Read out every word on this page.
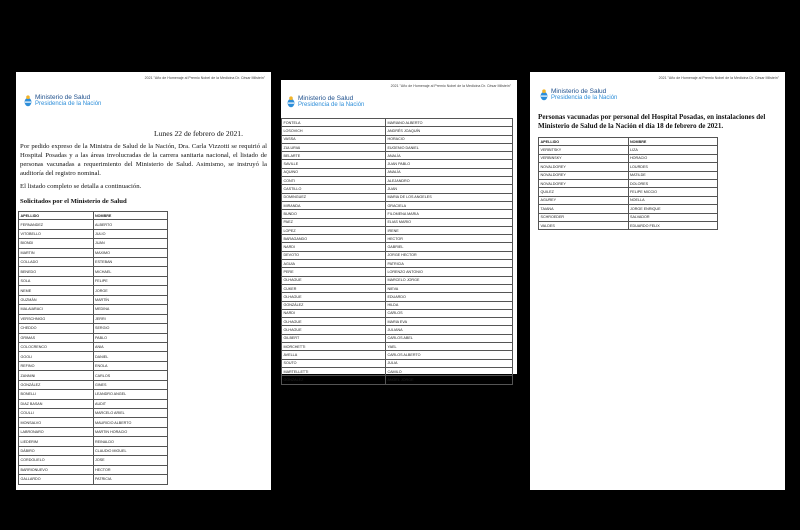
2021 "Año de Homenaje al Premio Nobel de la Medicina Dr. César Milstein"
Ministerio de Salud
Presidencia de la Nación
Lunes 22 de febrero de 2021.
Por pedido expreso de la Ministra de Salud de la Nación, Dra. Carla Vizzotti se requirió al Hospital Posadas y a las áreas involucradas de la carrera sanitaria nacional, el listado de personas vacunadas a requerimiento del Ministerio de Salud. Asimismo, se instruyó la auditoría del registro nominal.
El listado completo se detalla a continuación.
Solicitados por el Ministerio de Salud
APELLIDO	NOMBRE
FERNANDEZ	ALBERTO
VITOBELLO	JULIO
BIONDI	JUAN
MARTIN	MAXIMO
COLLADO	ESTEBAN
BENEDO	MICHAEL
SOLA	FELIPE
NEME	JORGE
GUZMÁN	MARTÍN
MALAIARACI	MEDINA
VERSCHNIGG	JERRI
CHEDDO	SERGIO
GRIMAS	PABLO
COLOCRENCO	ANIA
GOOLI	DANIEL
REFINO	ENOLA
ZANNINI	CARLOS
GONZÁLEZ	GINES
BONELLI	LEANDRO ANGEL
DIAZ BASAN	AUDIT
COULLI	MARCELO ARIEL
MONSALVO	MAURICIO ALBERTO
LABRONARO	MARTIN HORACIO
LIEDERIM	REINALDO
DÁBIRO	CLAUDIO MIGUEL
CORDOLIELO	JOSE
BARRIONUEVO	HECTOR
GALLARDO	PATRICIA
2021 "Año de Homenaje al Premio Nobel de la Medicina Dr. César Milstein"
Ministerio de Salud
Presidencia de la Nación
FONTELA	MARIANO ALBERTO
LOSOVICH	ANDRÉS JOAQUÍN
VASSA	HORACIO
ZULURIAI	EUGENIO DANIEL
BELARTE	ANALÍA
SAVILLE	JUAN PABLO
AQUINO	ANALÍA
CONTI	ALEJANDRO
CASTILLO	JUAN
DOMINGUEZ	MARIA DE LOS ANGELES
MIRANDA	GRACIELA
BUNDO	FILOMENA MARIA
PAEZ	ELIAS MARIO
LOPEZ	IRENE
BARAGANDO	HECTOR
NARDI	GABRIEL
DEVOTO	JORGE HECTOR
AGUIA	PATRICIA
PERE	LORENZO ANTONIO
OLHAGUE	MARCELO JORGE
CUKER	NIEVA
OLHAGUE	EDUARDO
GONZÁLEZ	HILDA
NARDI	CARLOS
OLHAGUE	MARIA EVA
OLHAGUE	JULIANA
GILBERT	CARLOS ABEL
MORCHETTI	YAEL
AVELLA	CARLOS ALBERTO
SOUTO	JULIA
MARTELLETTI	CAMILO
GONZALEZ	ANGEL JORGE
2021 "Año de Homenaje al Premio Nobel de la Medicina Dr. César Milstein"
Ministerio de Salud
Presidencia de la Nación
Personas vacunadas por personal del Hospital Posadas, en instalaciones del Ministerio de Salud de la Nación el día 18 de febrero de 2021.
APELLIDO	NOMBRE
VERBITSKY	LIZA
VERBINSKY	HORACIO
NOVALDOREY	LOURDES
NOVALDOREY	MATILDE
NOVALDOREY	DOLORES
QUILEZ	FELIPE MICCIO
AGUREY	NOELLA
TAIANA	JORGE ENRIQUE
SCHROEDER	SALVADOR
VALDES	EDUARDO FELIX
